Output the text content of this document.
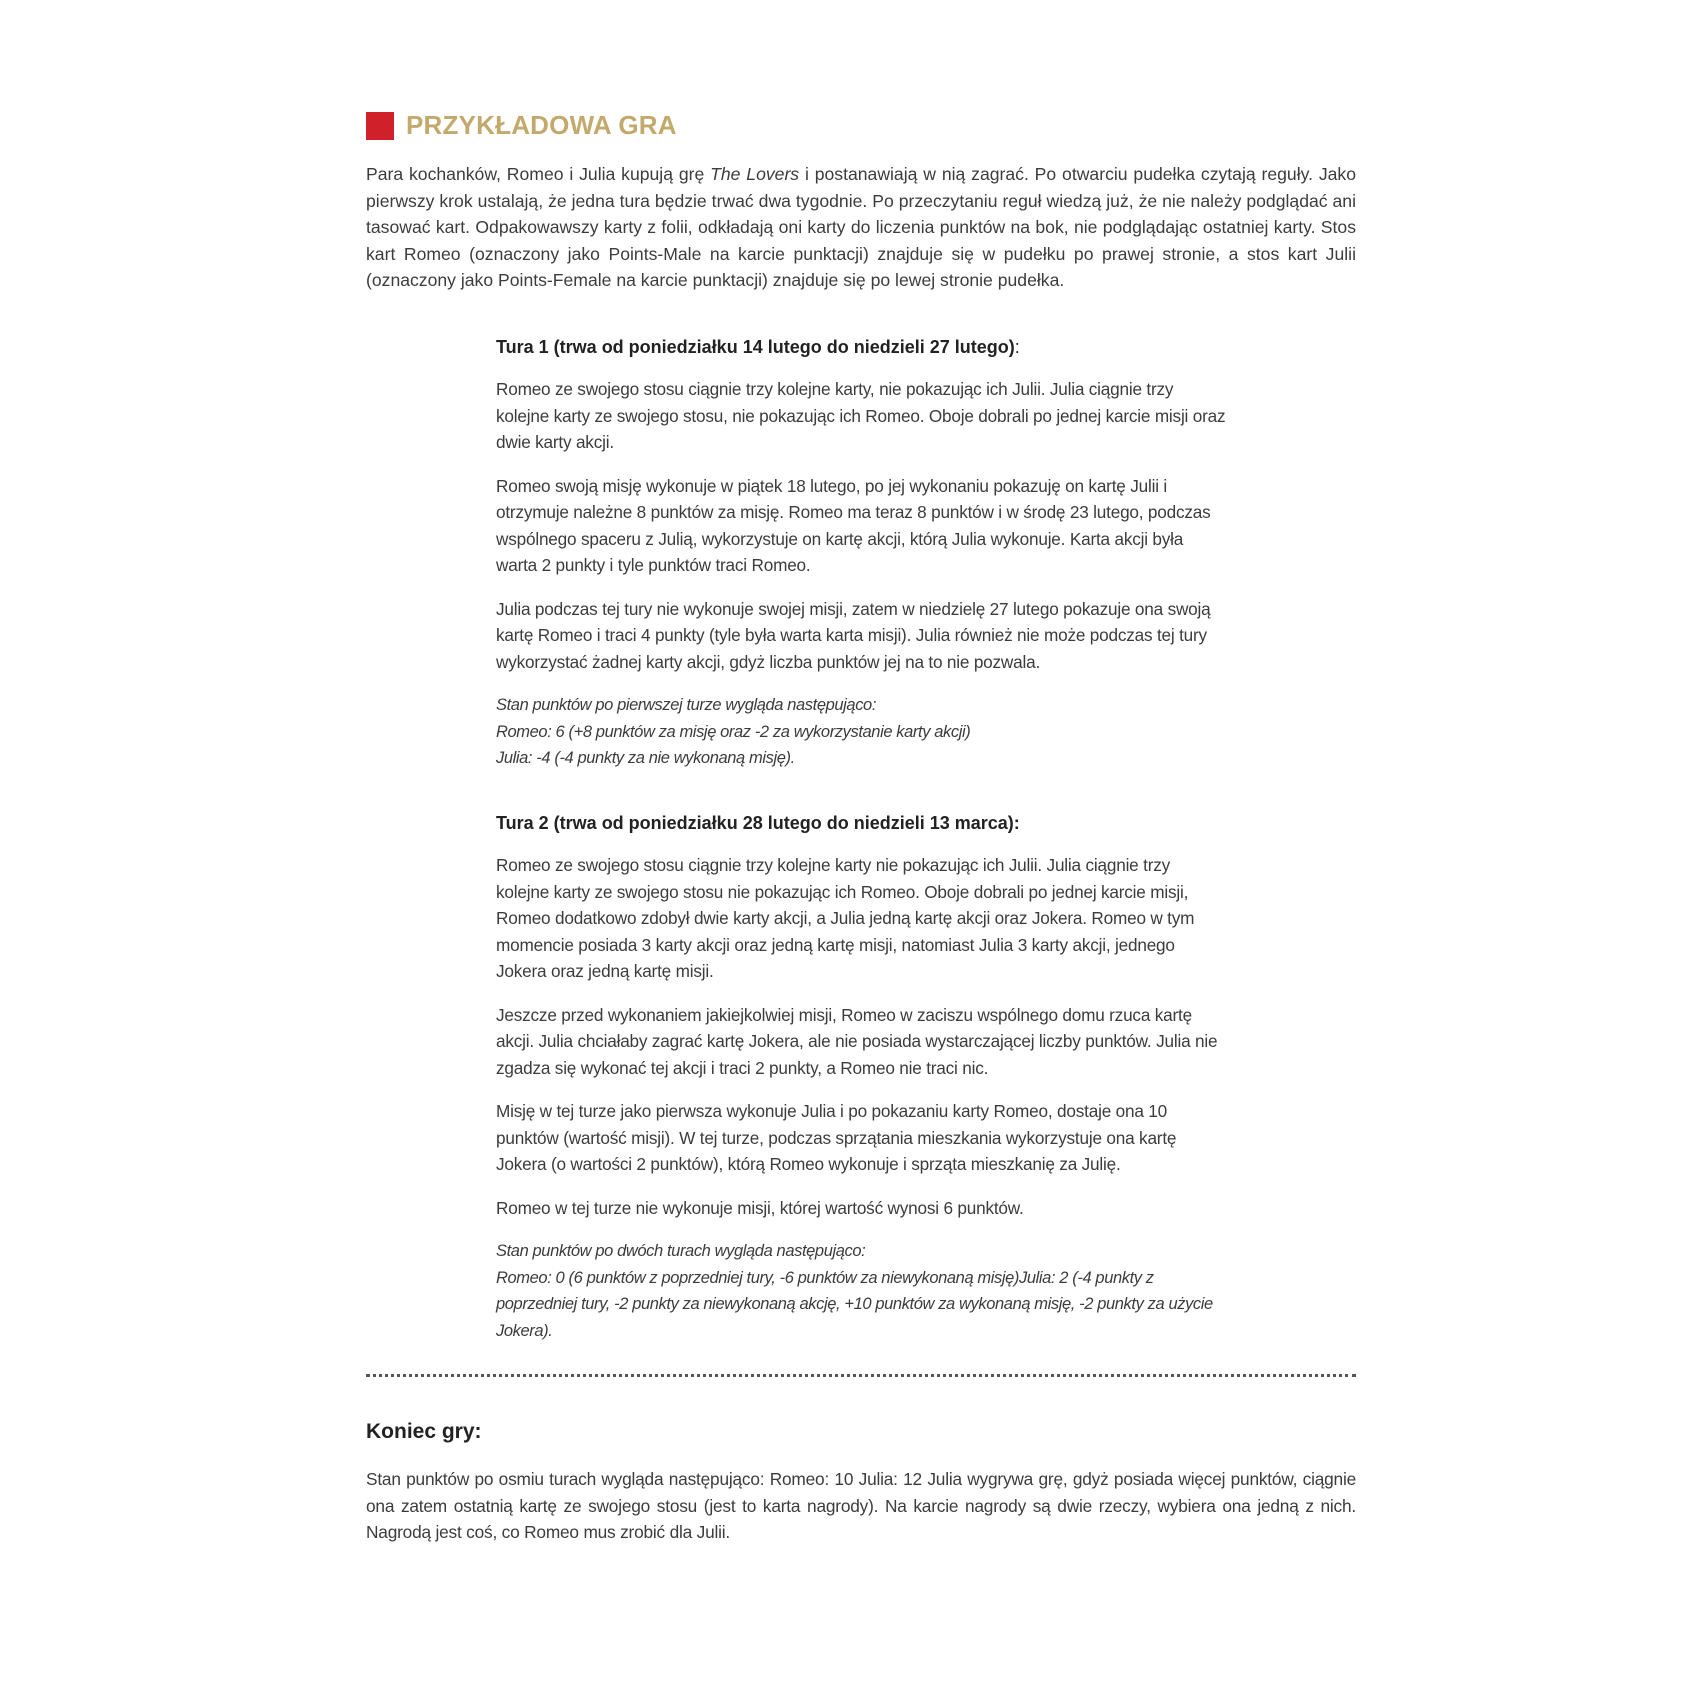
PRZYKŁADOWA GRA
Para kochanków, Romeo i Julia kupują grę The Lovers i postanawiają w nią zagrać. Po otwarciu pudełka czytają reguły. Jako pierwszy krok ustalają, że jedna tura będzie trwać dwa tygodnie. Po przeczytaniu reguł wiedzą już, że nie należy podglądać ani tasować kart. Odpakowawszy karty z folii, odkładają oni karty do liczenia punktów na bok, nie podglądając ostatniej karty. Stos kart Romeo (oznaczony jako Points-Male na karcie punktacji) znajduje się w pudełku po prawej stronie, a stos kart Julii (oznaczony jako Points-Female na karcie punktacji) znajduje się po lewej stronie pudełka.
Tura 1 (trwa od poniedziałku 14 lutego do niedzieli 27 lutego):

Romeo ze swojego stosu ciągnie trzy kolejne karty, nie pokazując ich Julii. Julia ciągnie trzy kolejne karty ze swojego stosu, nie pokazując ich Romeo. Oboje dobrali po jednej karcie misji oraz dwie karty akcji.

Romeo swoją misję wykonuje w piątek 18 lutego, po jej wykonaniu pokazuję on kartę Julii i otrzymuje należne 8 punktów za misję. Romeo ma teraz 8 punktów i w środę 23 lutego, podczas wspólnego spaceru z Julią, wykorzystuje on kartę akcji, którą Julia wykonuje. Karta akcji była warta 2 punkty i tyle punktów traci Romeo.

Julia podczas tej tury nie wykonuje swojej misji, zatem w niedzielę 27 lutego pokazuje ona swoją kartę Romeo i traci 4 punkty (tyle była warta karta misji). Julia również nie może podczas tej tury wykorzystać żadnej karty akcji, gdyż liczba punktów jej na to nie pozwala.

Stan punktów po pierwszej turze wygląda następująco:
Romeo: 6 (+8 punktów za misję oraz -2 za wykorzystanie karty akcji)
Julia: -4 (-4 punkty za nie wykonaną misję).
Tura 2 (trwa od poniedziałku 28 lutego do niedzieli 13 marca):

Romeo ze swojego stosu ciągnie trzy kolejne karty nie pokazując ich Julii. Julia ciągnie trzy kolejne karty ze swojego stosu nie pokazując ich Romeo. Oboje dobrali po jednej karcie misji, Romeo dodatkowo zdobył dwie karty akcji, a Julia jedną kartę akcji oraz Jokera. Romeo w tym momencie posiada 3 karty akcji oraz jedną kartę misji, natomiast Julia 3 karty akcji, jednego Jokera oraz jedną kartę misji.

Jeszcze przed wykonaniem jakiejkolwiej misji, Romeo w zaciszu wspólnego domu rzuca kartę akcji. Julia chciałaby zagrać kartę Jokera, ale nie posiada wystarczającej liczby punktów. Julia nie zgadza się wykonać tej akcji i traci 2 punkty, a Romeo nie traci nic.

Misję w tej turze jako pierwsza wykonuje Julia i po pokazaniu karty Romeo, dostaje ona 10 punktów (wartość misji). W tej turze, podczas sprzątania mieszkania wykorzystuje ona kartę Jokera (o wartości 2 punktów), którą Romeo wykonuje i sprząta mieszkanię za Julię.

Romeo w tej turze nie wykonuje misji, której wartość wynosi 6 punktów.

Stan punktów po dwóch turach wygląda następująco:
Romeo: 0 (6 punktów z poprzedniej tury, -6 punktów za niewykonaną misję)Julia: 2 (-4 punkty z poprzedniej tury, -2 punkty za niewykonaną akcję, +10 punktów za wykonaną misję, -2 punkty za użycie Jokera).
Koniec gry:
Stan punktów po osmiu turach wygląda następująco: Romeo: 10 Julia: 12 Julia wygrywa grę, gdyż posiada więcej punktów, ciągnie ona zatem ostatnią kartę ze swojego stosu (jest to karta nagrody). Na karcie nagrody są dwie rzeczy, wybiera ona jedną z nich. Nagrodą jest coś, co Romeo mus zrobić dla Julii.
